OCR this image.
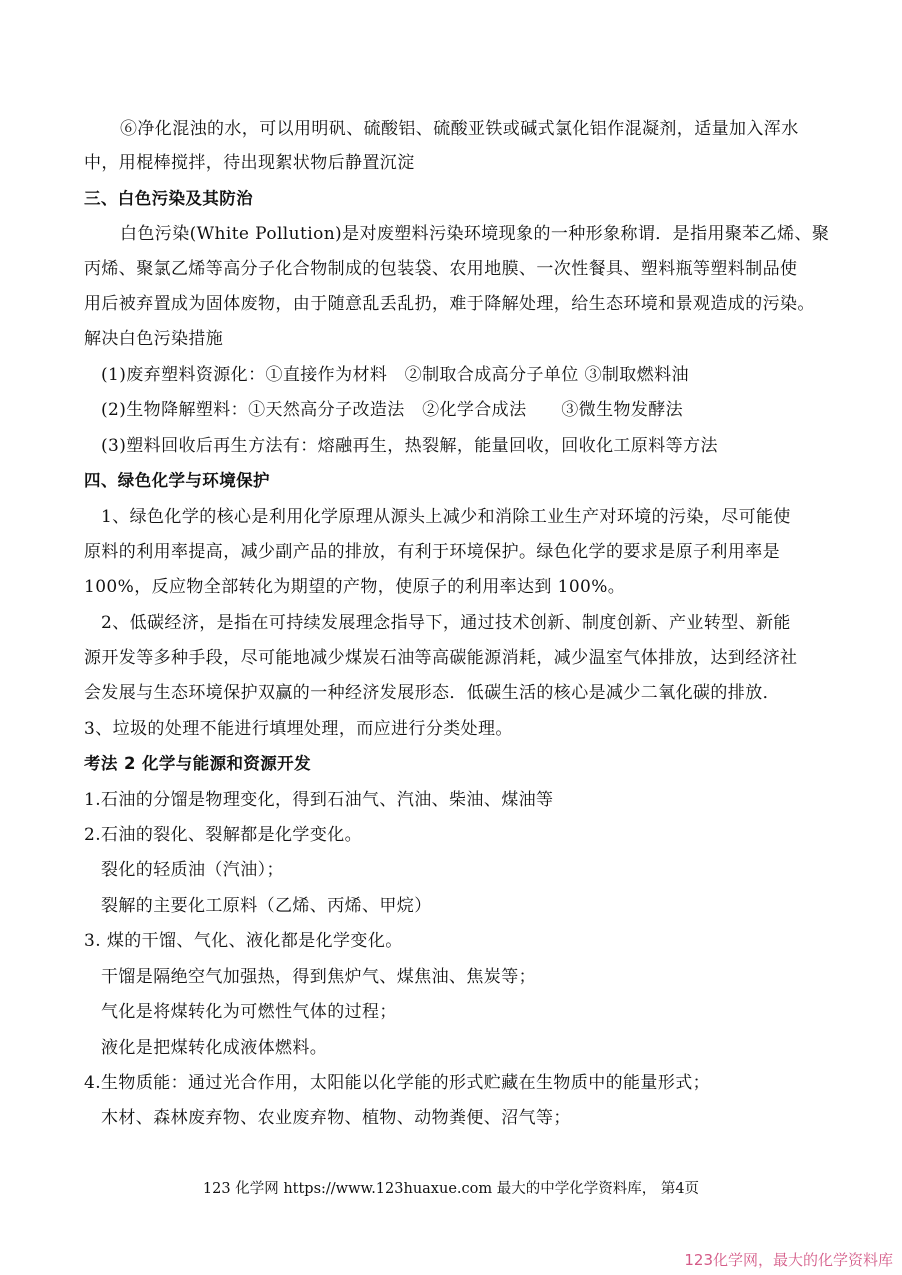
⑥净化混浊的水，可以用明矾、硫酸铝、硫酸亚铁或碱式氯化铝作混凝剂，适量加入浑水
中，用棍棒搅拌，待出现絮状物后静置沉淀
三、白色污染及其防治
白色污染(White Pollution)是对废塑料污染环境现象的一种形象称谓．是指用聚苯乙烯、聚
丙烯、聚氯乙烯等高分子化合物制成的包装袋、农用地膜、一次性餐具、塑料瓶等塑料制品使
用后被弃置成为固体废物，由于随意乱丢乱扔，难于降解处理，给生态环境和景观造成的污染。
解决白色污染措施
(1)废弃塑料资源化：①直接作为材料　②制取合成高分子单位 ③制取燃料油
(2)生物降解塑料：①天然高分子改造法　②化学合成法　　③微生物发酵法
(3)塑料回收后再生方法有：熔融再生，热裂解，能量回收，回收化工原料等方法
四、绿色化学与环境保护
1、绿色化学的核心是利用化学原理从源头上减少和消除工业生产对环境的污染，尽可能使
原料的利用率提高，减少副产品的排放，有利于环境保护。绿色化学的要求是原子利用率是
100%，反应物全部转化为期望的产物，使原子的利用率达到 100%。
2、低碳经济，是指在可持续发展理念指导下，通过技术创新、制度创新、产业转型、新能
源开发等多种手段，尽可能地减少煤炭石油等高碳能源消耗，减少温室气体排放，达到经济社
会发展与生态环境保护双赢的一种经济发展形态．低碳生活的核心是减少二氧化碳的排放．
3、垃圾的处理不能进行填埋处理，而应进行分类处理。
考法 2 化学与能源和资源开发
1.石油的分馏是物理变化，得到石油气、汽油、柴油、煤油等
2.石油的裂化、裂解都是化学变化。
裂化的轻质油（汽油）；
裂解的主要化工原料（乙烯、丙烯、甲烷）
3. 煤的干馏、气化、液化都是化学变化。
干馏是隔绝空气加强热，得到焦炉气、煤焦油、焦炭等；
气化是将煤转化为可燃性气体的过程；
液化是把煤转化成液体燃料。
4.生物质能：通过光合作用，太阳能以化学能的形式贮藏在生物质中的能量形式；
木材、森林废弃物、农业废弃物、植物、动物粪便、沼气等；
123 化学网 https://www.123huaxue.com 最大的中学化学资料库， 第4页
123化学网，最大的化学资料库
